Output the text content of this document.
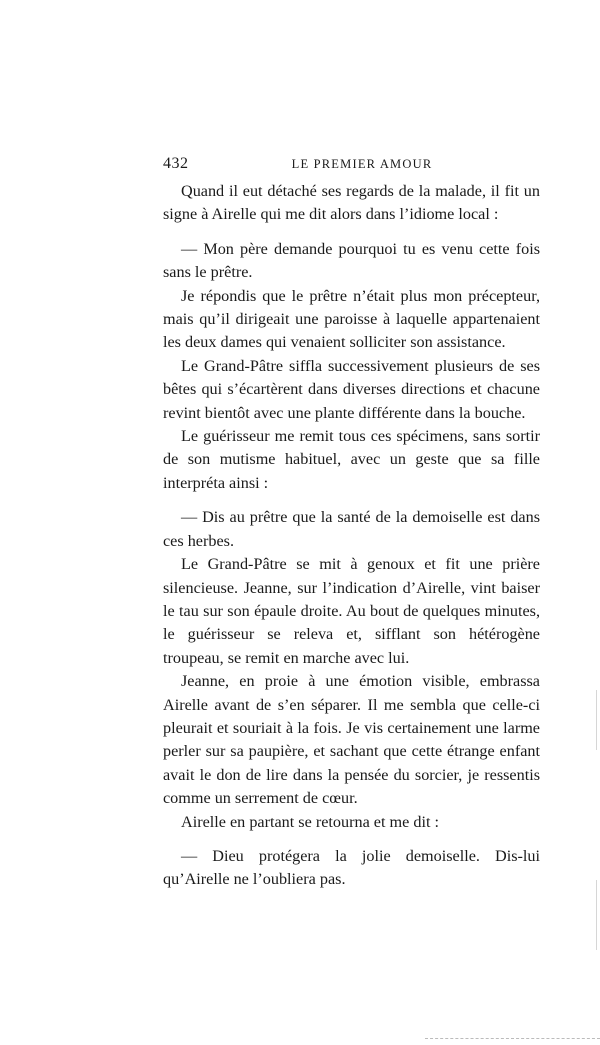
432	LE PREMIER AMOUR

Quand il eut détaché ses regards de la malade, il fit un signe à Airelle qui me dit alors dans l’idiome local :

— Mon père demande pourquoi tu es venu cette fois sans le prêtre.

Je répondis que le prêtre n’était plus mon précepteur, mais qu’il dirigeait une paroisse à laquelle appartenaient les deux dames qui venaient solliciter son assistance.

Le Grand-Pâtre siffla successivement plusieurs de ses bêtes qui s’écartèrent dans diverses directions et chacune revint bientôt avec une plante différente dans la bouche.

Le guérisseur me remit tous ces spécimens, sans sortir de son mutisme habituel, avec un geste que sa fille interpréta ainsi :

— Dis au prêtre que la santé de la demoiselle est dans ces herbes.

Le Grand-Pâtre se mit à genoux et fit une prière silencieuse. Jeanne, sur l’indication d’Airelle, vint baiser le tau sur son épaule droite. Au bout de quelques minutes, le guérisseur se releva et, sifflant son hétérogène troupeau, se remit en marche avec lui.

Jeanne, en proie à une émotion visible, embrassa Airelle avant de s’en séparer. Il me sembla que celle-ci pleurait et souriait à la fois. Je vis certainement une larme perler sur sa paupière, et sachant que cette étrange enfant avait le don de lire dans la pensée du sorcier, je ressentis comme un serrement de cœur.

Airelle en partant se retourna et me dit :

— Dieu protégera la jolie demoiselle. Dis-lui qu’Airelle ne l’oubliera pas.
